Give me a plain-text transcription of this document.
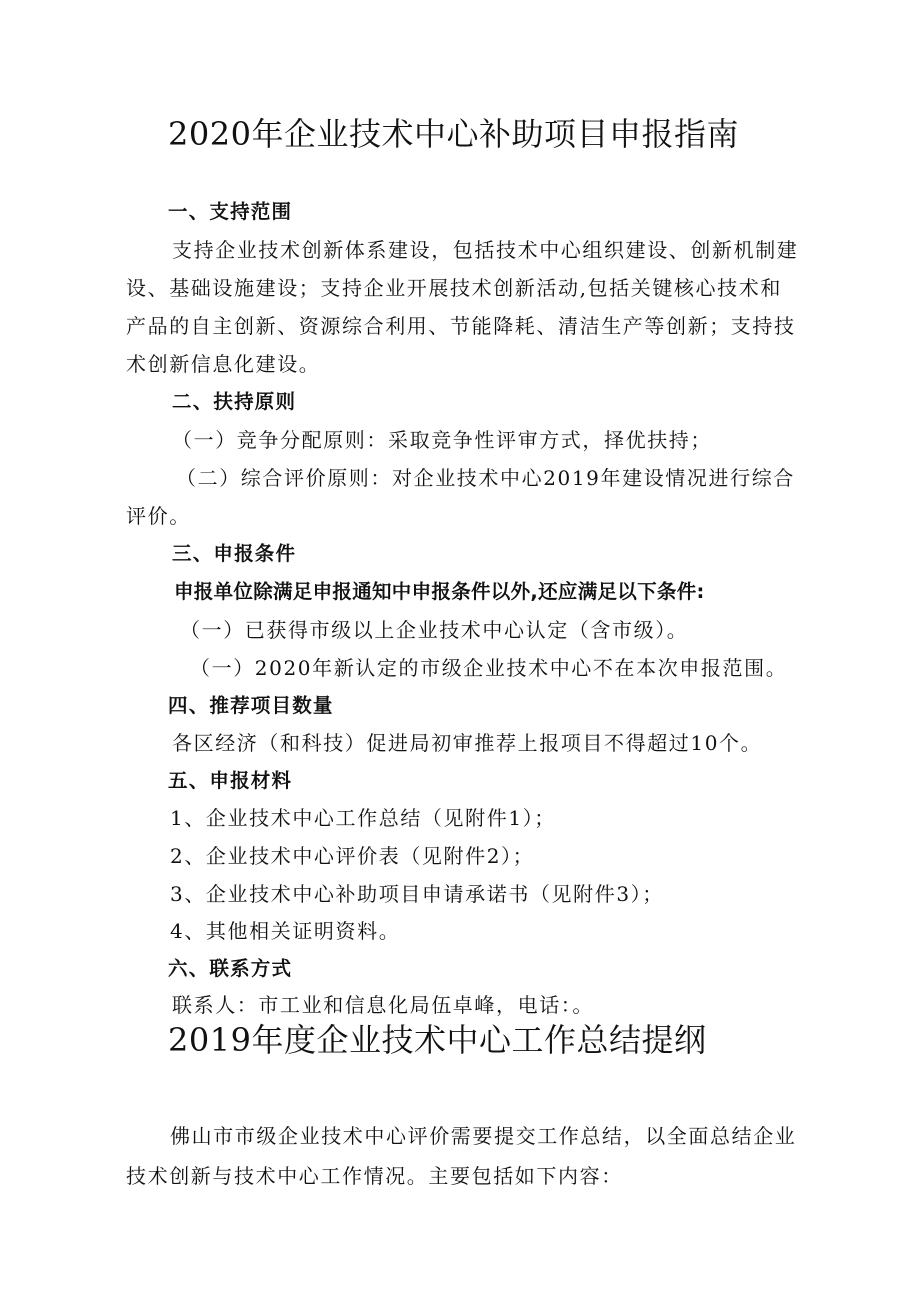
2020年企业技术中心补助项目申报指南
一、支持范围
支持企业技术创新体系建设，包括技术中心组织建设、创新机制建
设、基础设施建设；支持企业开展技术创新活动,包括关键核心技术和
产品的自主创新、资源综合利用、节能降耗、清洁生产等创新；支持技
术创新信息化建设。
二、扶持原则
（一）竞争分配原则：采取竞争性评审方式，择优扶持；
（二）综合评价原则：对企业技术中心2019年建设情况进行综合
评价。
三、申报条件
申报单位除满足申报通知中申报条件以外,还应满足以下条件:
（一）已获得市级以上企业技术中心认定（含市级）。
（一）2020年新认定的市级企业技术中心不在本次申报范围。
四、推荐项目数量
各区经济（和科技）促进局初审推荐上报项目不得超过10个。
五、申报材料
1、企业技术中心工作总结（见附件1）；
2、企业技术中心评价表（见附件2）；
3、企业技术中心补助项目申请承诺书（见附件3）；
4、其他相关证明资料。
六、联系方式
联系人：市工业和信息化局伍卓峰，电话：。
2019年度企业技术中心工作总结提纲
佛山市市级企业技术中心评价需要提交工作总结，以全面总结企业
技术创新与技术中心工作情况。主要包括如下内容：
